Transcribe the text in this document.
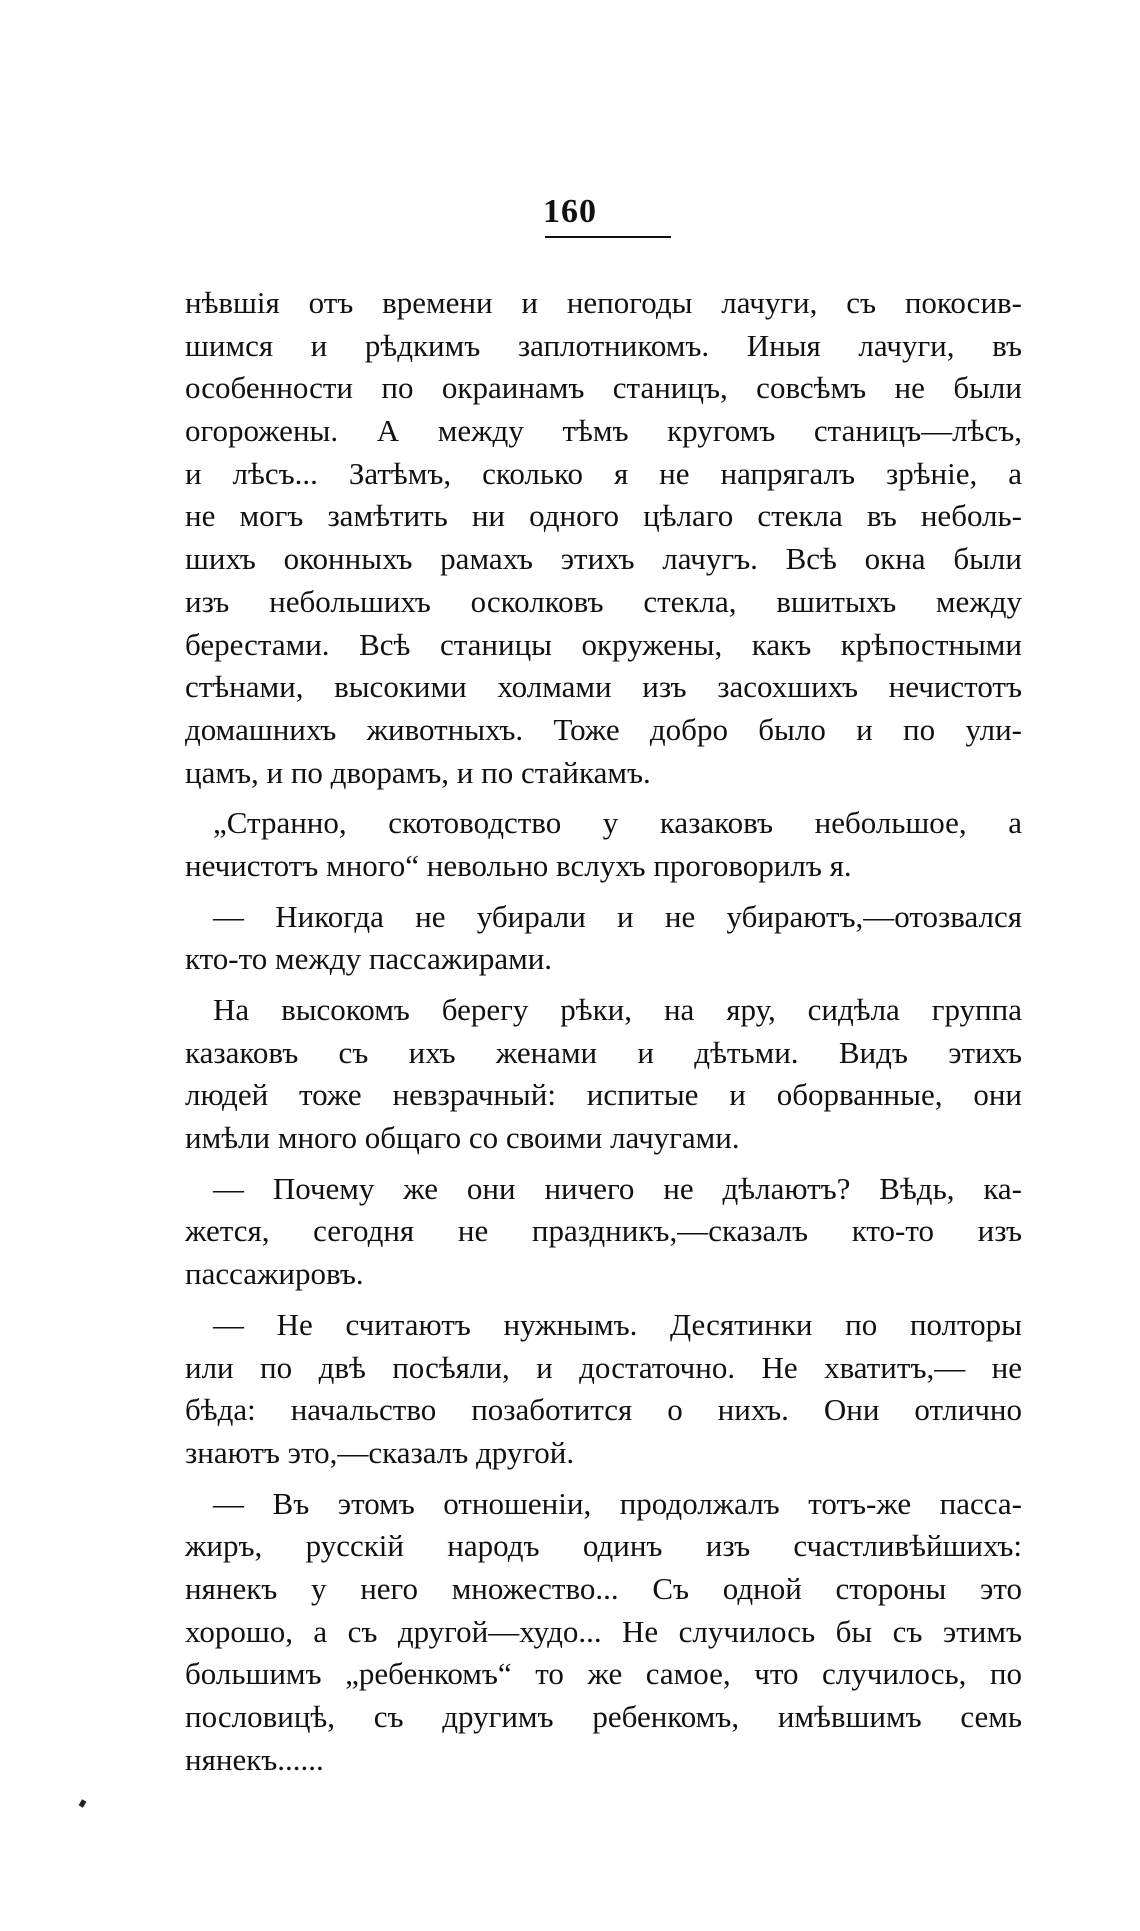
160
нѣвшія отъ времени и непогоды лачуги, съ покосив-
шимся и рѣдкимъ заплотникомъ. Иныя лачуги, въ
особенности по окраинамъ станицъ, совсѣмъ не были
огорожены. А между тѣмъ кругомъ станицъ—лѣсъ,
и лѣсъ... Затѣмъ, сколько я не напрягалъ зрѣніе, а
не могъ замѣтить ни одного цѣлаго стекла въ неболь-
шихъ оконныхъ рамахъ этихъ лачугъ. Всѣ окна были
изъ небольшихъ осколковъ стекла, вшитыхъ между
берестами. Всѣ станицы окружены, какъ крѣпостными
стѣнами, высокими холмами изъ засохшихъ нечистотъ
домашнихъ животныхъ. Тоже добро было и по ули-
цамъ, и по дворамъ, и по стайкамъ.
„Странно, скотоводство у казаковъ небольшое, а
нечистотъ много“ невольно вслухъ проговорилъ я.
— Никогда не убирали и не убираютъ,—отозвался
кто-то между пассажирами.
На высокомъ берегу рѣки, на яру, сидѣла группа
казаковъ съ ихъ женами и дѣтьми. Видъ этихъ
людей тоже невзрачный: испитые и оборванные, они
имѣли много общаго со своими лачугами.
— Почему же они ничего не дѣлаютъ? Вѣдь, ка-
жется, сегодня не праздникъ,—сказалъ кто-то изъ
пассажировъ.
— Не считаютъ нужнымъ. Десятинки по полторы
или по двѣ посѣяли, и достаточно. Не хватитъ,— не
бѣда: начальство позаботится о нихъ. Они отлично
знаютъ это,—сказалъ другой.
— Въ этомъ отношеніи, продолжалъ тотъ-же пасса-
жиръ, русскій народъ одинъ изъ счастливѣйшихъ:
нянекъ у него множество... Съ одной стороны это
хорошо, а съ другой—худо... Не случилось бы съ этимъ
большимъ „ребенкомъ“ то же самое, что случилось, по
пословицѣ, съ другимъ ребенкомъ, имѣвшимъ семь
нянекъ......
